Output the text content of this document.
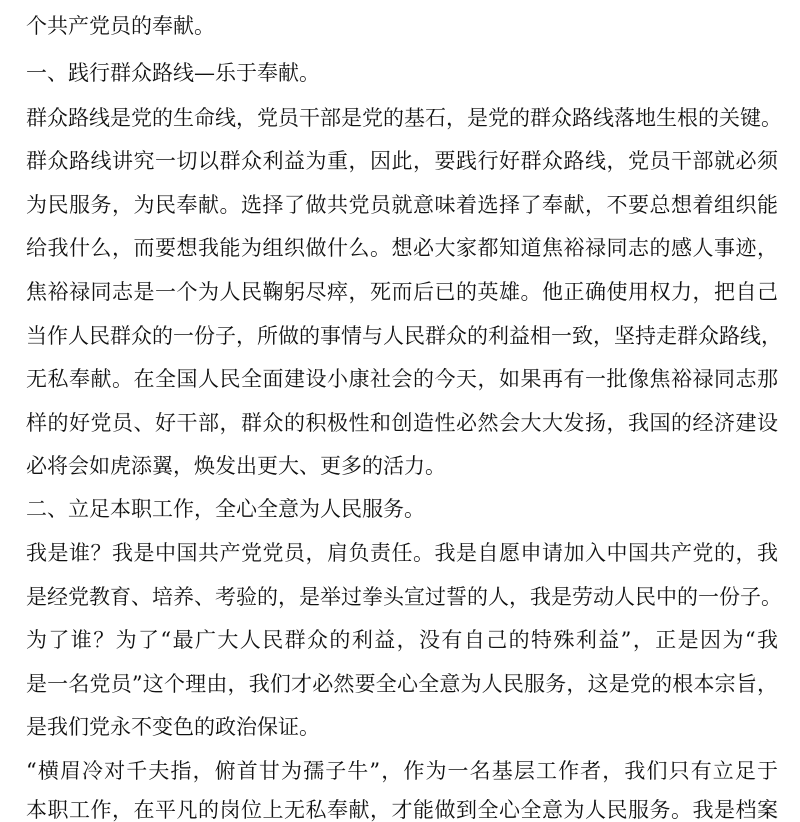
个共产党员的奉献。

一、践行群众路线—乐于奉献。

群众路线是党的生命线，党员干部是党的基石，是党的群众路线落地生根的关键。

群众路线讲究一切以群众利益为重，因此，要践行好群众路线，党员干部就必须

为民服务，为民奉献。选择了做共党员就意味着选择了奉献，不要总想着组织能

给我什么，而要想我能为组织做什么。想必大家都知道焦裕禄同志的感人事迹，

焦裕禄同志是一个为人民鞠躬尽瘁，死而后已的英雄。他正确使用权力，把自己

当作人民群众的一份子，所做的事情与人民群众的利益相一致，坚持走群众路线，

无私奉献。在全国人民全面建设小康社会的今天，如果再有一批像焦裕禄同志那

样的好党员、好干部，群众的积极性和创造性必然会大大发扬，我国的经济建设

必将会如虎添翼，焕发出更大、更多的活力。

二、立足本职工作，全心全意为人民服务。

我是谁？我是中国共产党党员，肩负责任。我是自愿申请加入中国共产党的，我

是经党教育、培养、考验的，是举过拳头宣过誓的人，我是劳动人民中的一份子。

为了谁？为了“最广大人民群众的利益，没有自己的特殊利益”，正是因为“我

是一名党员”这个理由，我们才必然要全心全意为人民服务，这是党的根本宗旨，

是我们党永不变色的政治保证。

“横眉冷对千夫指，俯首甘为孺子牛”，作为一名基层工作者，我们只有立足于

本职工作，在平凡的岗位上无私奉献，才能做到全心全意为人民服务。我是档案
